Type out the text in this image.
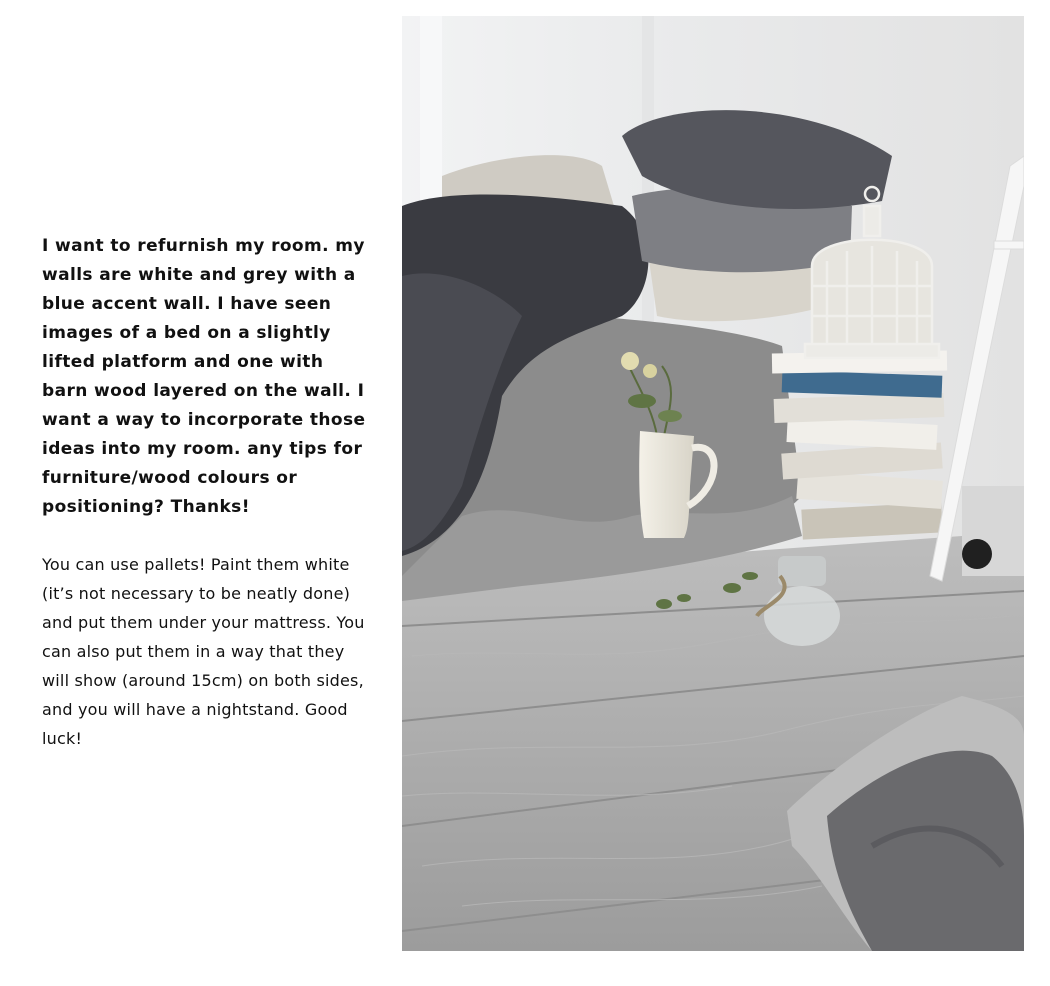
I want to refurnish my room. my walls are white and grey with a blue accent wall. I have seen images of a bed on a slightly lifted platform and one with barn wood layered on the wall. I want a way to incorporate those ideas into my room. any tips for furniture/wood colours or positioning? Thanks!

You can use pallets! Paint them white (it’s not necessary to be neatly done) and put them under your mattress. You can also put them in a way that they will show (around 15cm) on both sides, and you will have a nightstand. Good luck!
